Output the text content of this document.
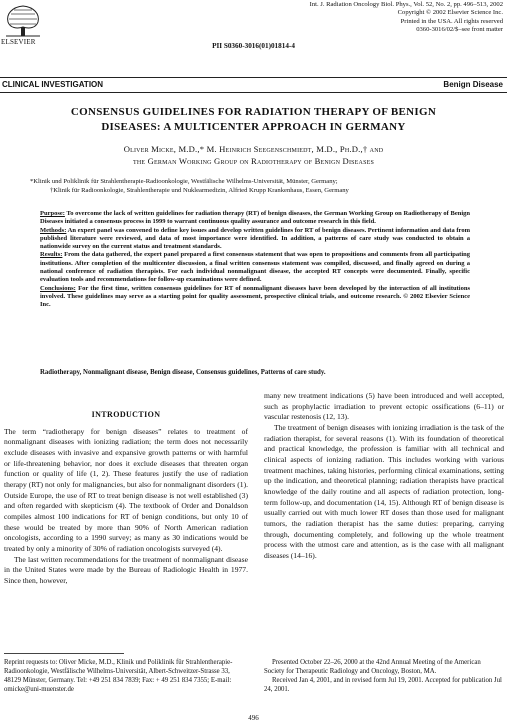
ELSEVIER
Int. J. Radiation Oncology Biol. Phys., Vol. 52, No. 2, pp. 496–513, 2002
Copyright © 2002 Elsevier Science Inc.
Printed in the USA. All rights reserved
0360-3016/02/$–see front matter
PII S0360-3016(01)01814-4
CLINICAL INVESTIGATION	Benign Disease
CONSENSUS GUIDELINES FOR RADIATION THERAPY OF BENIGN
DISEASES: A MULTICENTER APPROACH IN GERMANY
Oliver Micke, M.D.,* M. Heinrich Seegenschmiedt, M.D., Ph.D.,† and
the German Working Group on Radiotherapy of Benign Diseases
*Klinik und Poliklinik für Strahlentherapie-Radioonkologie, Westfälische Wilhelms-Universität, Münster, Germany;
†Klinik für Radioonkologie, Strahlentherapie und Nuklearmedizin, Alfried Krupp Krankenhaus, Essen, Germany

Purpose: To overcome the lack of written guidelines for radiation therapy (RT) of benign diseases, the German Working Group on Radiotherapy of Benign Diseases initiated a consensus process in 1999 to warrant continuous quality assurance and outcome research in this field.

Methods: An expert panel was convened to define key issues and develop written guidelines for RT of benign diseases. Pertinent information and data from published literature were reviewed, and data of most importance were identified. In addition, a patterns of care study was conducted to obtain a nationwide survey on the current status and treatment standards.

Results: From the data gathered, the expert panel prepared a first consensus statement that was open to propositions and comments from all participating institutions. After completion of the multicenter discussion, a final written consensus statement was compiled, discussed, and finally agreed on during a national conference of radiation therapists. For each individual nonmalignant disease, the accepted RT concepts were documented. Finally, specific evaluation tools and recommendations for follow-up examinations were defined.

Conclusions: For the first time, written consensus guidelines for RT of nonmalignant diseases have been developed by the interaction of all institutions involved. These guidelines may serve as a starting point for quality assessment, prospective clinical trials, and outcome research. © 2002 Elsevier Science Inc.

Radiotherapy, Nonmalignant disease, Benign disease, Consensus guidelines, Patterns of care study.
INTRODUCTION

The term “radiotherapy for benign diseases” relates to treatment of nonmalignant diseases with ionizing radiation; the term does not necessarily exclude diseases with invasive and expansive growth patterns or with harmful or life-threatening behavior, nor does it exclude diseases that threaten organ function or quality of life (1, 2). These features justify the use of radiation therapy (RT) not only for malignancies, but also for nonmalignant disorders (1). Outside Europe, the use of RT to treat benign disease is not well established (3) and often regarded with skepticism (4). The textbook of Order and Donaldson compiles almost 100 indications for RT of benign conditions, but only 10 of these would be treated by more than 90% of North American radiation oncologists, according to a 1990 survey; as many as 30 indications would be treated by only a minority of 30% of radiation oncologists surveyed (4).

The last written recommendations for the treatment of nonmalignant disease in the United States were made by the Bureau of Radiologic Health in 1977. Since then, however,

many new treatment indications (5) have been introduced and well accepted, such as prophylactic irradiation to prevent ectopic ossifications (6–11) or vascular restenosis (12, 13).

The treatment of benign diseases with ionizing irradiation is the task of the radiation therapist, for several reasons (1). With its foundation of theoretical and practical knowledge, the profession is familiar with all technical and clinical aspects of ionizing radiation. This includes working with various treatment machines, taking histories, performing clinical examinations, setting up the indication, and theoretical planning; radiation therapists have practical knowledge of the daily routine and all aspects of radiation protection, long-term follow-up, and documentation (14, 15). Although RT of benign disease is usually carried out with much lower RT doses than those used for malignant tumors, the radiation therapist has the same duties: preparing, carrying through, documenting completely, and following up the whole treatment process with the utmost care and attention, as is the case with all malignant diseases (14–16).

Reprint requests to: Oliver Micke, M.D., Klinik und Poliklinik für Strahlentherapie-Radioonkologie, Westfälische Wilhelms-Universität, Albert-Schweitzer-Strasse 33, 48129 Münster, Germany. Tel: +49 251 834 7839; Fax: + 49 251 834 7355; E-mail: omicke@uni-muenster.de

Presented October 22–26, 2000 at the 42nd Annual Meeting of the American Society for Therapeutic Radiology and Oncology, Boston, MA.

Received Jan 4, 2001, and in revised form Jul 19, 2001. Accepted for publication Jul 24, 2001.

496
